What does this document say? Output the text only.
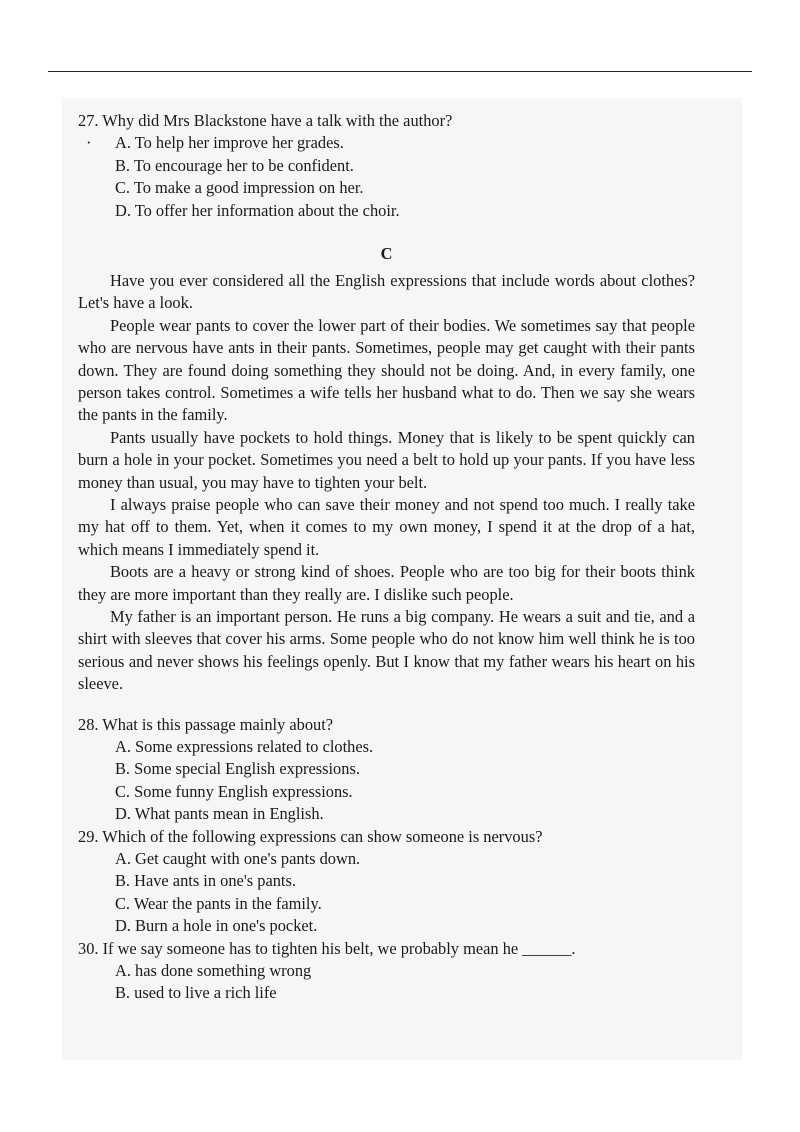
27. Why did Mrs Blackstone have a talk with the author?
· A. To help her improve her grades.
B. To encourage her to be confident.
C. To make a good impression on her.
D. To offer her information about the choir.
C

Have you ever considered all the English expressions that include words about clothes? Let's have a look.

People wear pants to cover the lower part of their bodies. We sometimes say that people who are nervous have ants in their pants. Sometimes, people may get caught with their pants down. They are found doing something they should not be doing. And, in every family, one person takes control. Sometimes a wife tells her husband what to do. Then we say she wears the pants in the family.

Pants usually have pockets to hold things. Money that is likely to be spent quickly can burn a hole in your pocket. Sometimes you need a belt to hold up your pants. If you have less money than usual, you may have to tighten your belt.

I always praise people who can save their money and not spend too much. I really take my hat off to them. Yet, when it comes to my own money, I spend it at the drop of a hat, which means I immediately spend it.

Boots are a heavy or strong kind of shoes. People who are too big for their boots think they are more important than they really are. I dislike such people.

My father is an important person. He runs a big company. He wears a suit and tie, and a shirt with sleeves that cover his arms. Some people who do not know him well think he is too serious and never shows his feelings openly. But I know that my father wears his heart on his sleeve.

28. What is this passage mainly about?
A. Some expressions related to clothes.
B. Some special English expressions.
C. Some funny English expressions.
D. What pants mean in English.
29. Which of the following expressions can show someone is nervous?
A. Get caught with one's pants down.
B. Have ants in one's pants.
C. Wear the pants in the family.
D. Burn a hole in one's pocket.
30. If we say someone has to tighten his belt, we probably mean he ______.
A. has done something wrong
B. used to live a rich life
